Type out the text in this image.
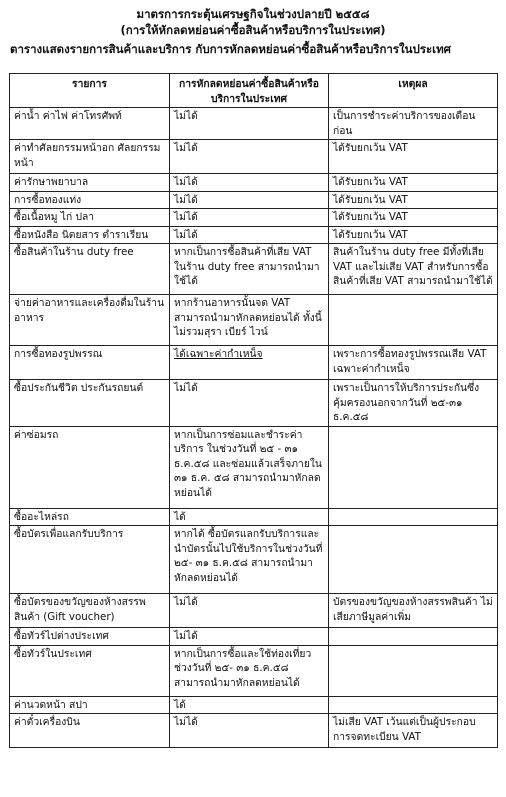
มาตรการกระตุ้นเศรษฐกิจในช่วงปลายปี ๒๕๕๘
(การให้หักลดหย่อนค่าซื้อสินค้าหรือบริการในประเทศ)
ตารางแสดงรายการสินค้าและบริการ กับการหักลดหย่อนค่าซื้อสินค้าหรือบริการในประเทศ
รายการ	การหักลดหย่อนค่าซื้อสินค้าหรือบริการในประเทศ	เหตุผล
ค่าน้ำ ค่าไฟ ค่าโทรศัพท์	ไม่ได้	เป็นการชำระค่าบริการของเดือนก่อน
ค่าทำศัลยกรรมหน้าอก ศัลยกรรมหน้า	ไม่ได้	ได้รับยกเว้น VAT
ค่ารักษาพยาบาล	ไม่ได้	ได้รับยกเว้น VAT
การซื้อทองแท่ง	ไม่ได้	ได้รับยกเว้น VAT
ซื้อเนื้อหมู ไก่ ปลา	ไม่ได้	ได้รับยกเว้น VAT
ซื้อหนังสือ นิตยสาร ตำราเรียน	ไม่ได้	ได้รับยกเว้น VAT
ซื้อสินค้าในร้าน duty free	หากเป็นการซื้อสินค้าที่เสีย VAT ในร้าน duty free สามารถนำมาใช้ได้	สินค้าในร้าน duty free มีทั้งที่เสีย VAT และไม่เสีย VAT สำหรับการซื้อสินค้าที่เสีย VAT สามารถนำมาใช้ได้
จ่ายค่าอาหารและเครื่องดื่มในร้านอาหาร	หากร้านอาหารนั้นจด VAT สามารถนำมาหักลดหย่อนได้ ทั้งนี้ ไม่รวมสุรา เบียร์ ไวน์	
การซื้อทองรูปพรรณ	ได้เฉพาะค่ากำเหน็จ	เพราะการซื้อทองรูปพรรณเสีย VAT เฉพาะค่ากำเหน็จ
ซื้อประกันชีวิต ประกันรถยนต์	ไม่ได้	เพราะเป็นการให้บริการประกันซึ่งคุ้มครองนอกจากวันที่ ๒๕-๓๑ ธ.ค.๕๘
ค่าซ่อมรถ	หากเป็นการซ่อมและชำระค่าบริการ ในช่วงวันที่ ๒๕ - ๓๑ ธ.ค.๕๘ และซ่อมแล้วเสร็จภายใน ๓๑ ธ.ค. ๕๘ สามารถนำมาหักลดหย่อนได้	
ซื้ออะไหล่รถ	ได้	
ซื้อบัตรเพื่อแลกรับบริการ	หากได้ ซื้อบัตรแลกรับบริการและนำบัตรนั้นไปใช้บริการในช่วงวันที่ ๒๕- ๓๑ ธ.ค.๕๘ สามารถนำมาหักลดหย่อนได้	
ซื้อบัตรของขวัญของห้างสรรพสินค้า (Gift voucher)	ไม่ได้	บัตรของขวัญของห้างสรรพสินค้า ไม่เสียภาษีมูลค่าเพิ่ม
ซื้อทัวร์ไปต่างประเทศ	ไม่ได้	
ซื้อทัวร์ในประเทศ	หากเป็นการซื้อและใช้ท่องเที่ยวช่วงวันที่ ๒๕- ๓๑ ธ.ค.๕๘ สามารถนำมาหักลดหย่อนได้	
ค่านวดหน้า สปา	ได้	
ค่าตั๋วเครื่องบิน	ไม่ได้	ไม่เสีย VAT เว้นแต่เป็นผู้ประกอบการจดทะเบียน VAT
